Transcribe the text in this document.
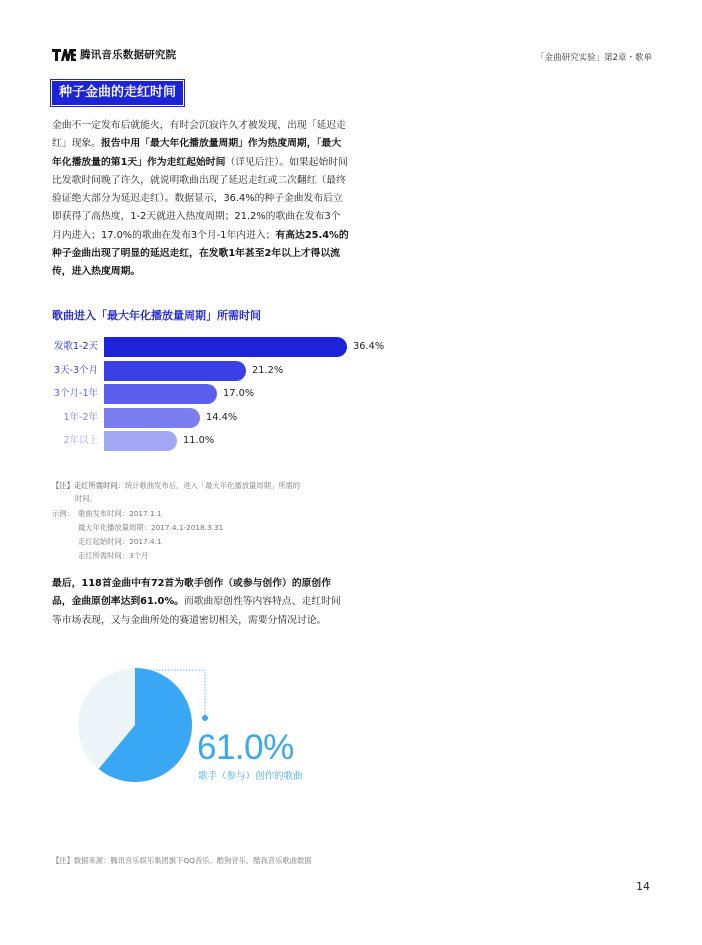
腾讯音乐数据研究院	「金曲研究实验」第2章・歌单
种子金曲的走红时间
金曲不一定发布后就能火，有时会沉寂许久才被发现，出现「延迟走红」现象。报告中用「最大年化播放量周期」作为热度周期，「最大年化播放量的第1天」作为走红起始时间（详见后注）。如果起始时间比发歌时间晚了许久，就说明歌曲出现了延迟走红或二次翻红（最终验证绝大部分为延迟走红）。数据显示，36.4%的种子金曲发布后立即获得了高热度，1-2天就进入热度周期；21.2%的歌曲在发布3个月内进入；17.0%的歌曲在发布3个月-1年内进入；有高达25.4%的种子金曲出现了明显的延迟走红，在发歌1年甚至2年以上才得以流传，进入热度周期。
歌曲进入「最大年化播放量周期」所需时间
发歌1-2天	36.4%
3天-3个月	21.2%
3个月-1年	17.0%
1年-2年	14.4%
2年以上	11.0%
【注】走红所需时间：统计歌曲发布后，进入「最大年化播放量周期」所需的
时间。
示例： 歌曲发布时间：2017.1.1
最大年化播放量周期：2017.4.1-2018.3.31
走红起始时间：2017.4.1
走红所需时间：3个月
最后，118首金曲中有72首为歌手创作（或参与创作）的原创作品，金曲原创率达到61.0%。而歌曲原创性等内容特点、走红时间等市场表现，又与金曲所处的赛道密切相关，需要分情况讨论。
61.0%
歌手（参与）创作的歌曲
【注】数据来源：腾讯音乐娱乐集团旗下QQ音乐、酷狗音乐、酷我音乐歌曲数据
14
